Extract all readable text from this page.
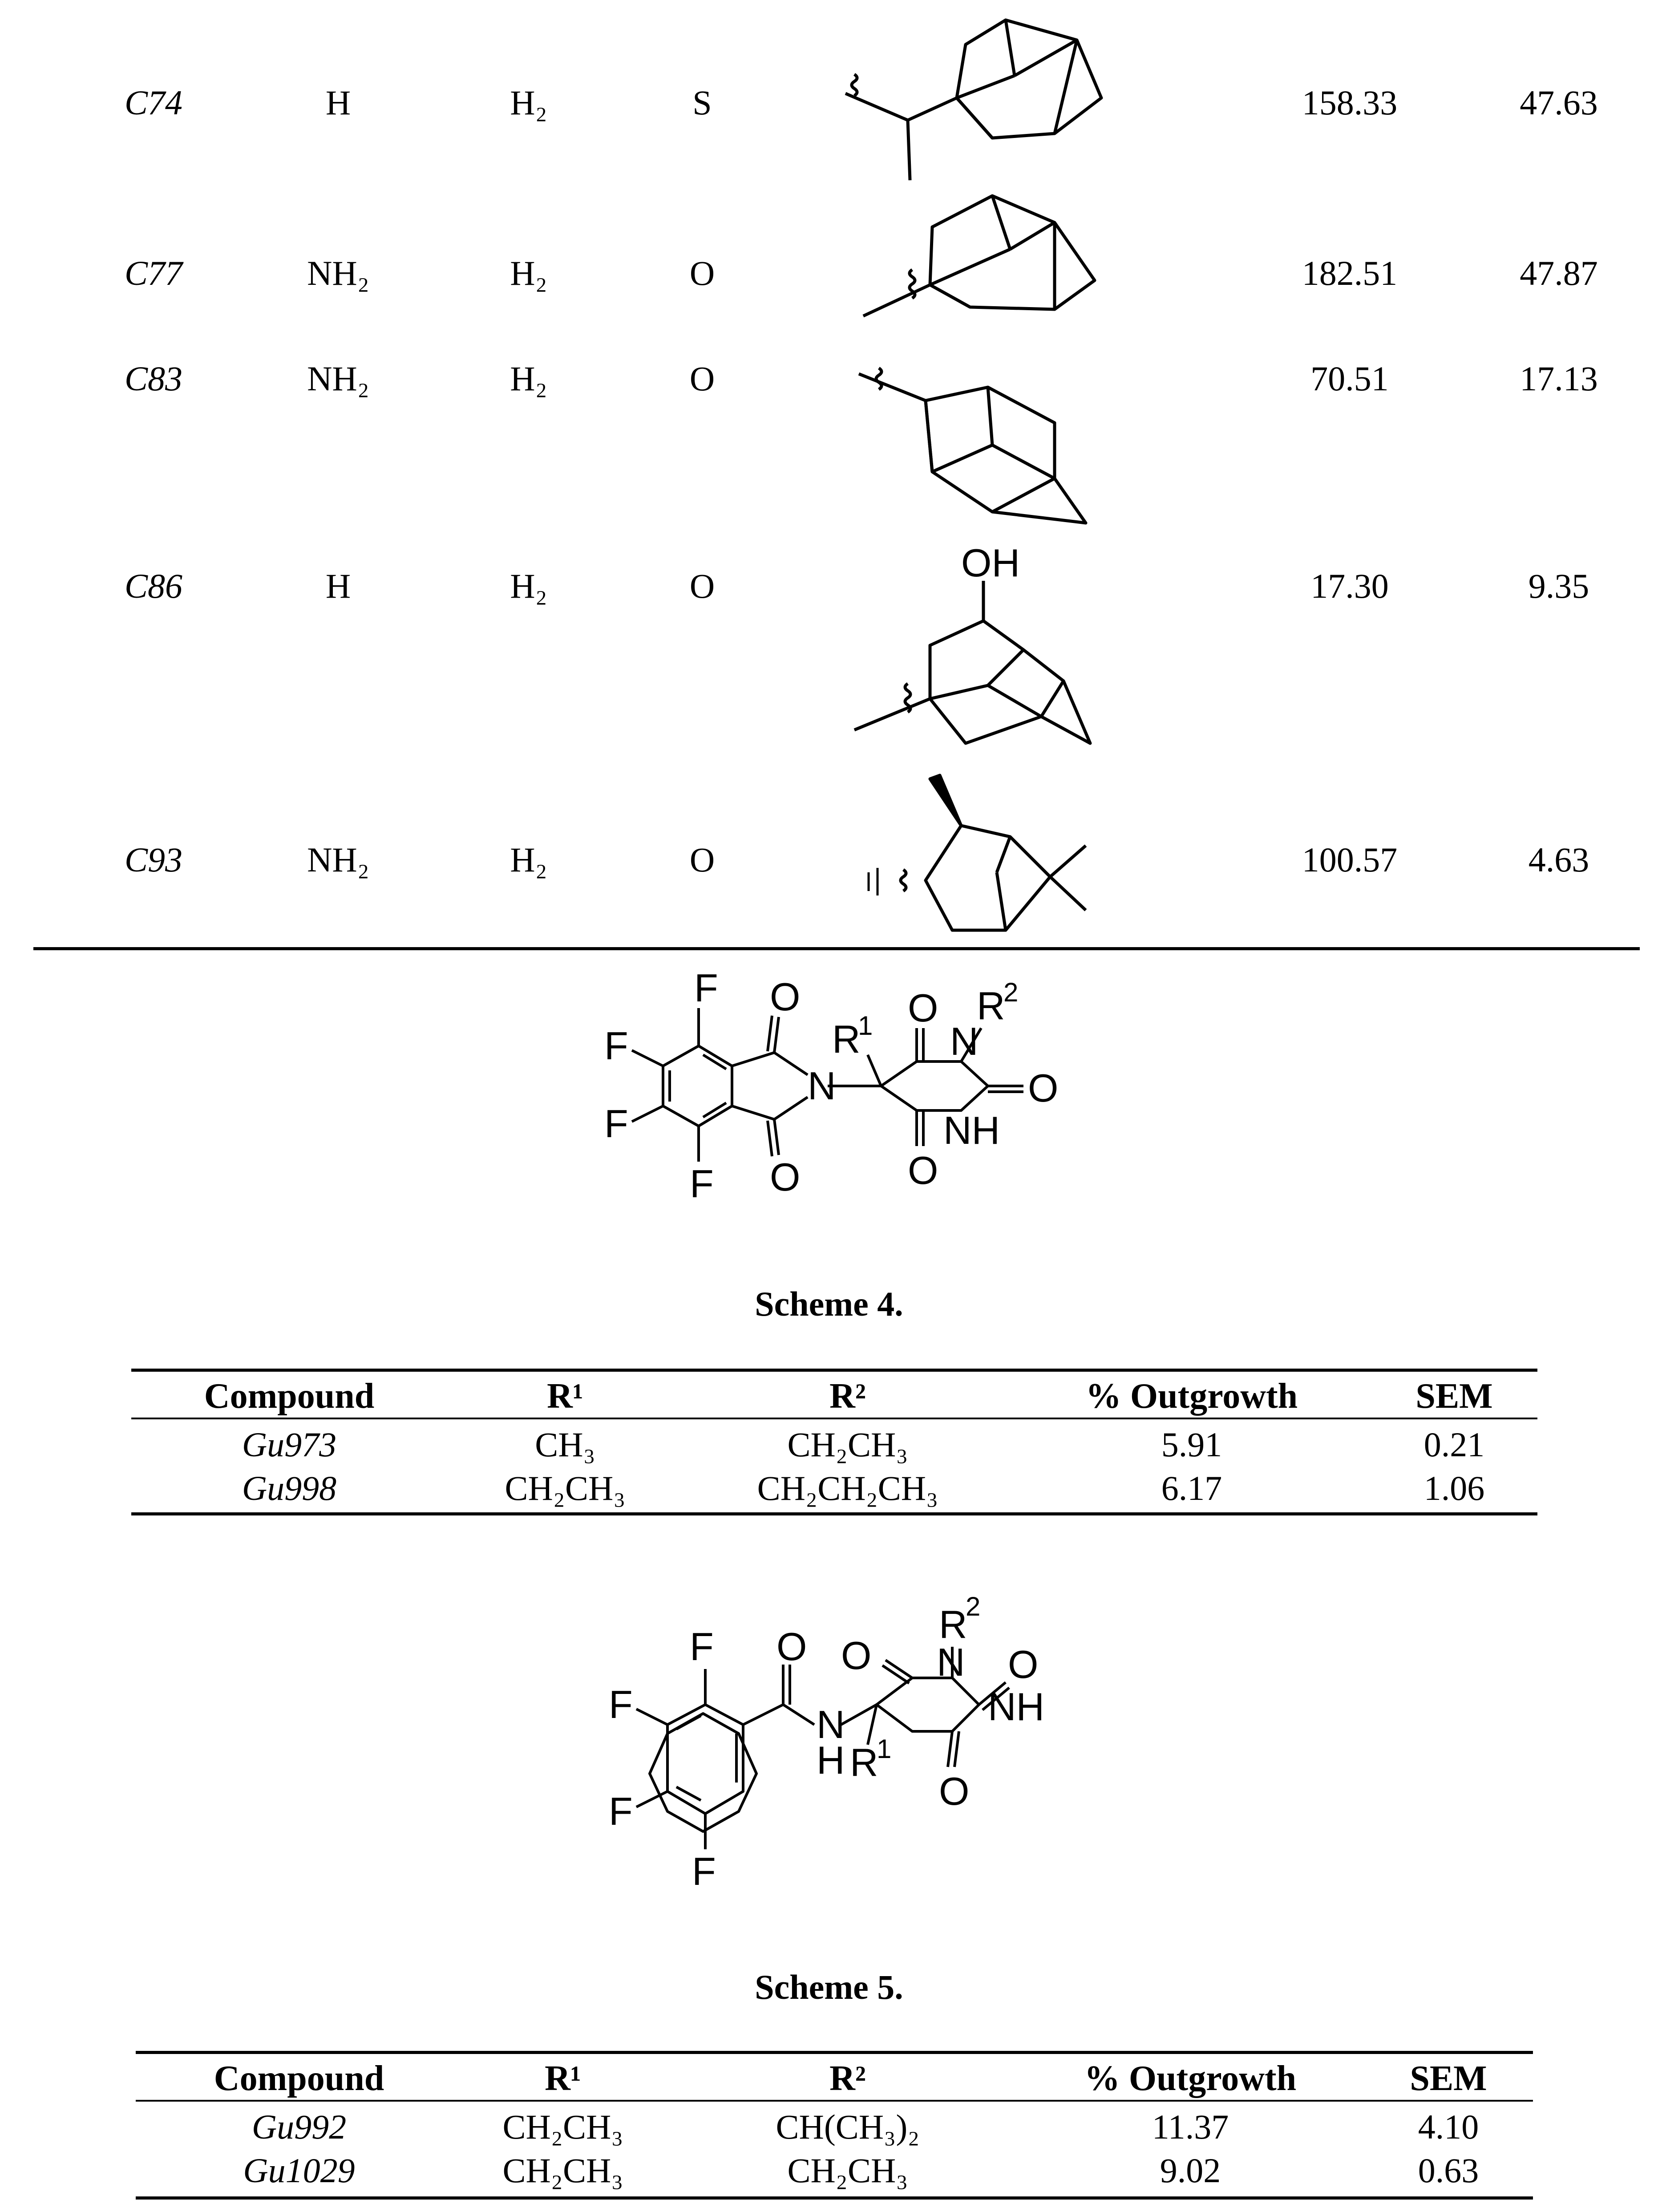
C74	H	H₂	S	158.33	47.63
C77	NH₂	H₂	O	182.51	47.87
C83	NH₂	H₂	O	70.51	17.13
C86	H	H₂	O	17.30	9.35
C93	NH₂	H₂	O	100.57	4.63
OH
F
F
F
F
O
O
N
R
1 O
O
N
R
2
O
NH
Scheme 4.
Compound	R¹	R²	% Outgrowth	SEM
Gu973	CH₃	CH₂CH₃	5.91	0.21
Gu998	CH₂CH₃	CH₂CH₂CH₃	6.17	1.06
F
F
F
F
O
N
H R
1
O N
R
2
O
NH
O
Scheme 5.
Compound	R¹	R²	% Outgrowth	SEM
Gu992	CH₂CH₃	CH(CH₃)₂	11.37	4.10
Gu1029	CH₂CH₃	CH₂CH₃	9.02	0.63
